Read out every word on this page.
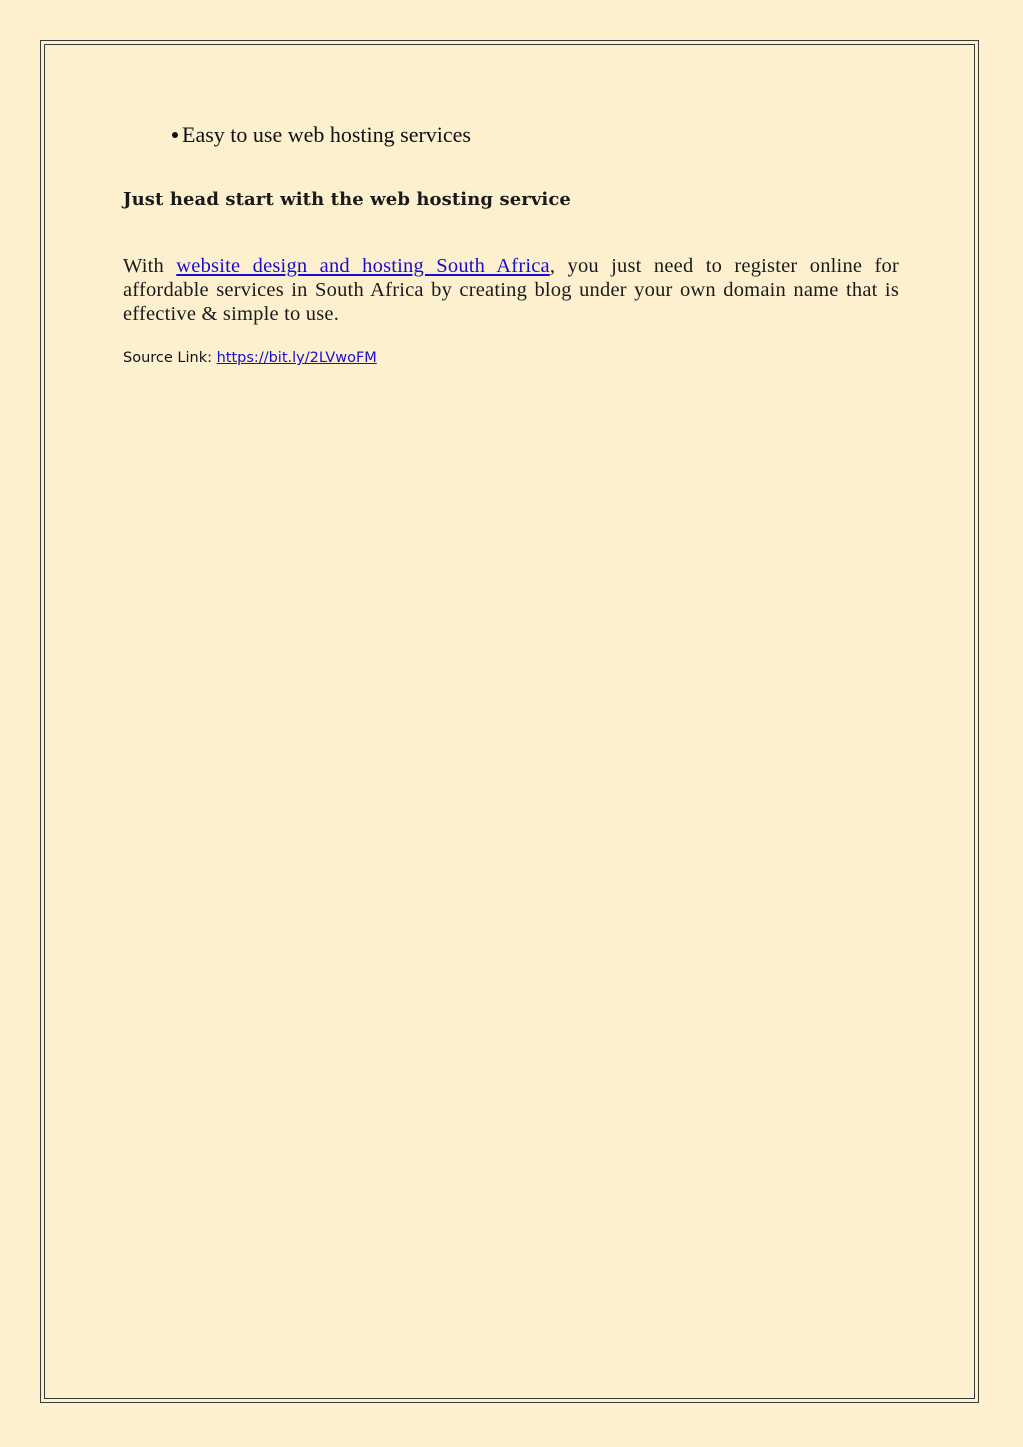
Easy to use web hosting services
Just head start with the web hosting service
With website design and hosting South Africa, you just need to register online for affordable services in South Africa by creating blog under your own domain name that is effective & simple to use.
Source Link: https://bit.ly/2LVwoFM
